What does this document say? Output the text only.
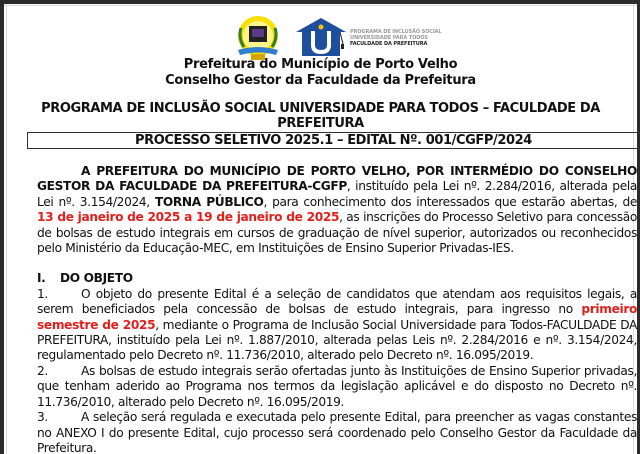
PROGRAMA DE INCLUSÃO SOCIAL
UNIVERSIDADE PARA TODOS
FACULDADE DA PREFEITURA
Prefeitura do Município de Porto Velho
Conselho Gestor da Faculdade da Prefeitura
PROGRAMA DE INCLUSÃO SOCIAL UNIVERSIDADE PARA TODOS – FACULDADE DA PREFEITURA
PROCESSO SELETIVO 2025.1 – EDITAL Nº. 001/CGFP/2024

A PREFEITURA DO MUNICÍPIO DE PORTO VELHO, POR INTERMÉDIO DO CONSELHO GESTOR DA FACULDADE DA PREFEITURA-CGFP, instituído pela Lei nº. 2.284/2016, alterada pela Lei nº. 3.154/2024, TORNA PÚBLICO, para conhecimento dos interessados que estarão abertas, de 13 de janeiro de 2025 a 19 de janeiro de 2025, as inscrições do Processo Seletivo para concessão de bolsas de estudo integrais em cursos de graduação de nível superior, autorizados ou reconhecidos pelo Ministério da Educação-MEC, em Instituições de Ensino Superior Privadas-IES.

I. DO OBJETO

1.	O objeto do presente Edital é a seleção de candidatos que atendam aos requisitos legais, a serem beneficiados pela concessão de bolsas de estudo integrais, para ingresso no primeiro semestre de 2025, mediante o Programa de Inclusão Social Universidade para Todos-FACULDADE DA PREFEITURA, instituído pela Lei nº. 1.887/2010, alterada pelas Leis nº. 2.284/2016 e nº. 3.154/2024, regulamentado pelo Decreto nº. 11.736/2010, alterado pelo Decreto nº. 16.095/2019.

2.	As bolsas de estudo integrais serão ofertadas junto às Instituições de Ensino Superior privadas, que tenham aderido ao Programa nos termos da legislação aplicável e do disposto no Decreto nº. 11.736/2010, alterado pelo Decreto nº. 16.095/2019.

3.	A seleção será regulada e executada pelo presente Edital, para preencher as vagas constantes no ANEXO I do presente Edital, cujo processo será coordenado pelo Conselho Gestor da Faculdade da Prefeitura.
